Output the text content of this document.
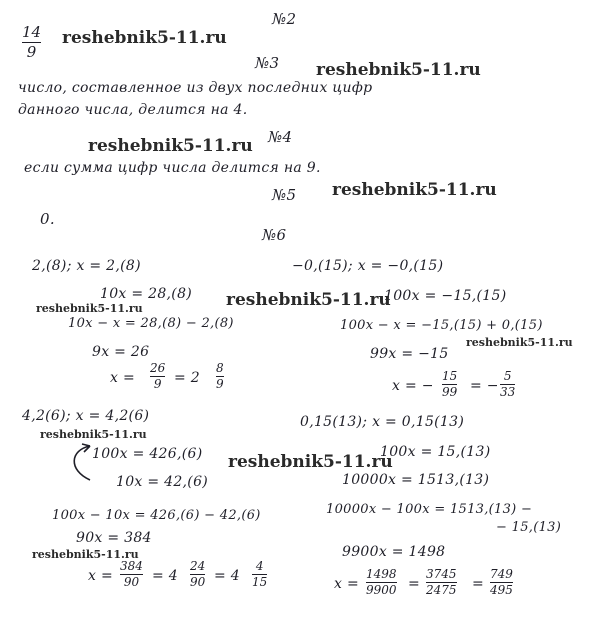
№2
№3
№4
№5
№6
14
9
число, составленное из двух последних цифр
данного числа, делится на 4.
если сумма цифр числа делится на 9.
0.
2,(8); x = 2,(8)
10x = 28,(8)
10x − x = 28,(8) − 2,(8)
9x = 26
x =
26
9 = 2
8
9
−0,(15); x = −0,(15)
100x = −15,(15)
100x − x = −15,(15) + 0,(15)
99x = −15
x = −
15
99 = −
5
33
4,2(6); x = 4,2(6)
100x = 426,(6)
10x = 42,(6)
100x − 10x = 426,(6) − 42,(6)
90x = 384
x =
384
90 = 4
24
90 = 4
4
15
0,15(13); x = 0,15(13)
100x = 15,(13)
10000x = 1513,(13)
10000x − 100x = 1513,(13) −
− 15,(13)
9900x = 1498
x =
1498
9900 =
3745
2475 =
749
495
reshebnik5-11.ru
reshebnik5-11.ru
reshebnik5-11.ru
reshebnik5-11.ru
reshebnik5-11.ru
reshebnik5-11.ru
reshebnik5-11.ru
reshebnik5-11.ru
reshebnik5-11.ru
reshebnik5-11.ru
